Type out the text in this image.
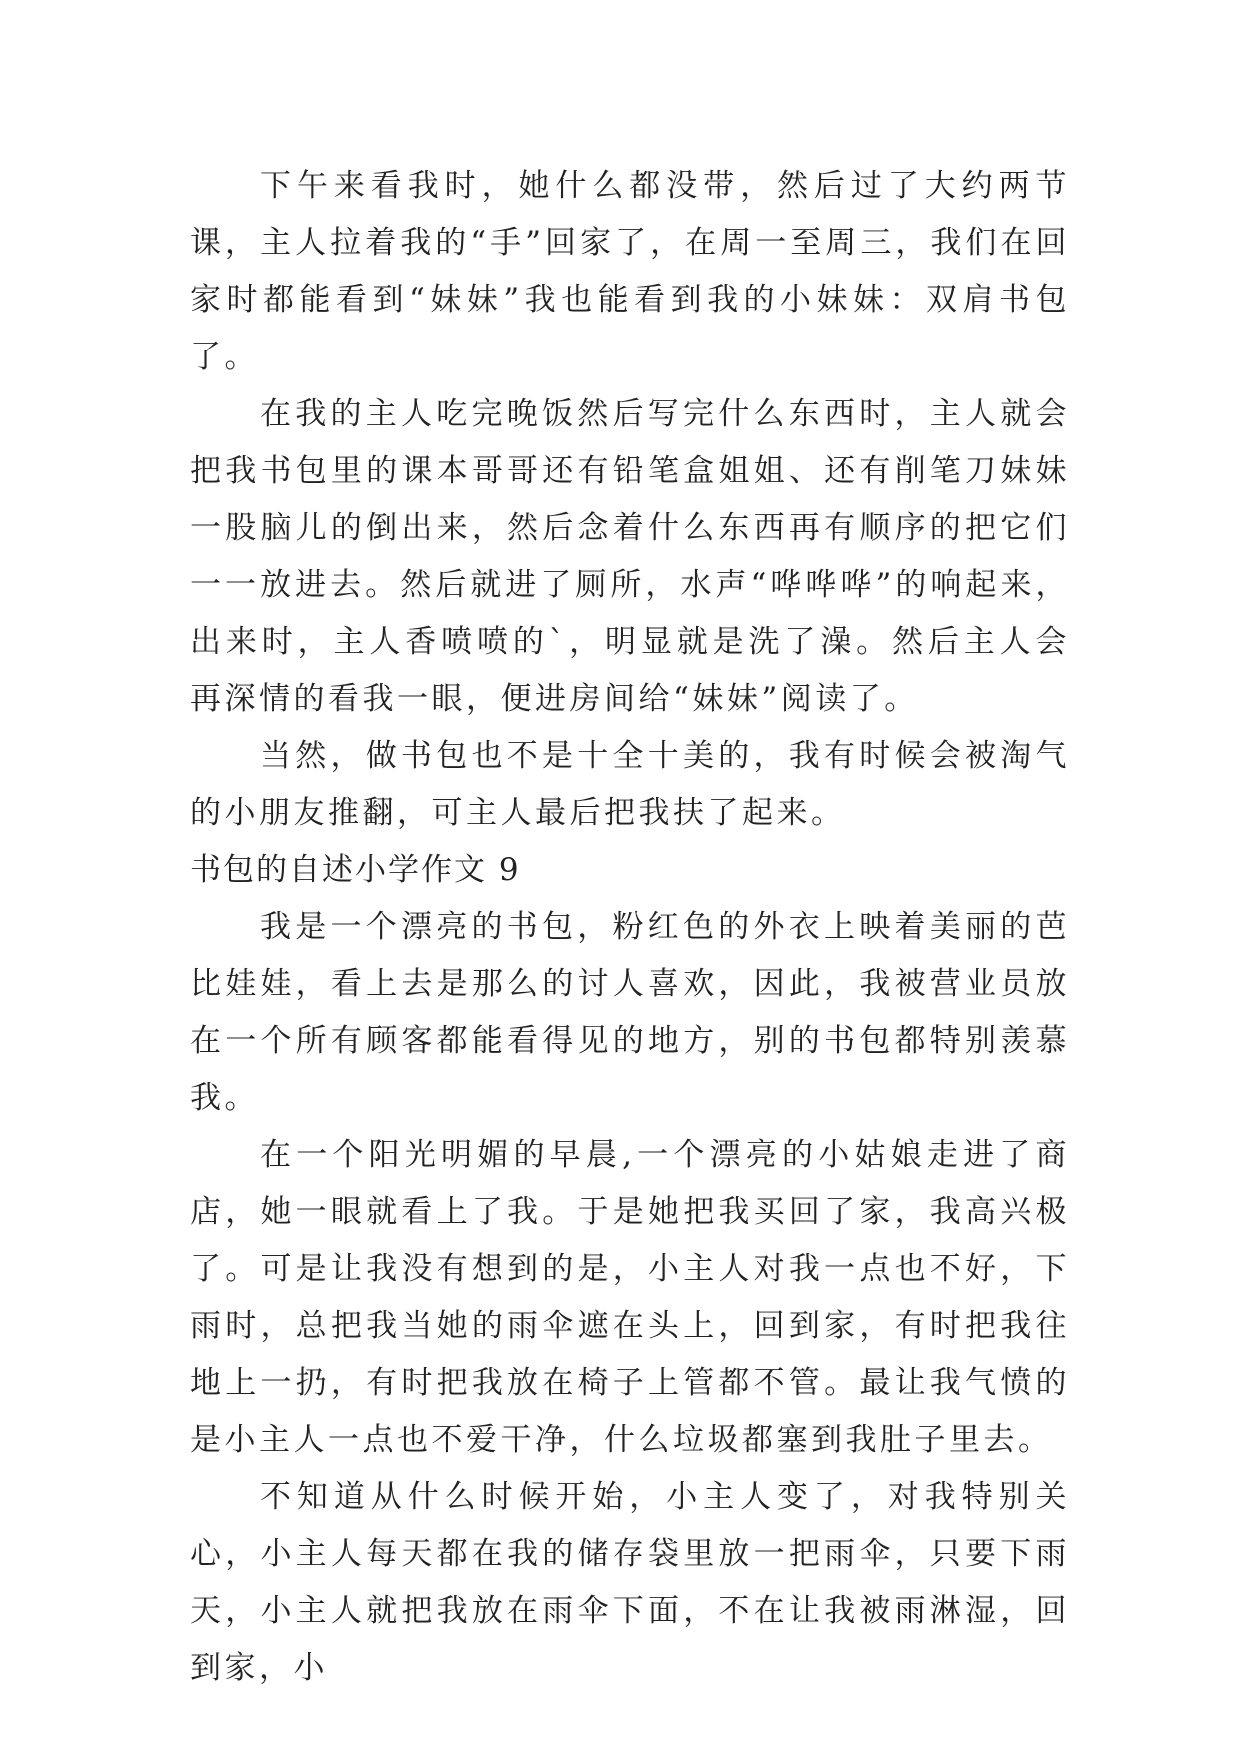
下午来看我时，她什么都没带，然后过了大约两节课，主人拉着我的“手”回家了，在周一至周三，我们在回家时都能看到“妹妹”我也能看到我的小妹妹：双肩书包了。

在我的主人吃完晚饭然后写完什么东西时，主人就会把我书包里的课本哥哥还有铅笔盒姐姐、还有削笔刀妹妹一股脑儿的倒出来，然后念着什么东西再有顺序的把它们一一放进去。然后就进了厕所，水声“哗哗哗”的响起来，出来时，主人香喷喷的`，明显就是洗了澡。然后主人会再深情的看我一眼，便进房间给“妹妹”阅读了。

当然，做书包也不是十全十美的，我有时候会被淘气的小朋友推翻，可主人最后把我扶了起来。

书包的自述小学作文 9

我是一个漂亮的书包，粉红色的外衣上映着美丽的芭比娃娃，看上去是那么的讨人喜欢，因此，我被营业员放在一个所有顾客都能看得见的地方，别的书包都特别羡慕我。

在一个阳光明媚的早晨,一个漂亮的小姑娘走进了商店，她一眼就看上了我。于是她把我买回了家，我高兴极了。可是让我没有想到的是，小主人对我一点也不好，下雨时，总把我当她的雨伞遮在头上，回到家，有时把我往地上一扔，有时把我放在椅子上管都不管。最让我气愤的是小主人一点也不爱干净，什么垃圾都塞到我肚子里去。

不知道从什么时候开始，小主人变了，对我特别关心，小主人每天都在我的储存袋里放一把雨伞，只要下雨天，小主人就把我放在雨伞下面，不在让我被雨淋湿，回到家，小
